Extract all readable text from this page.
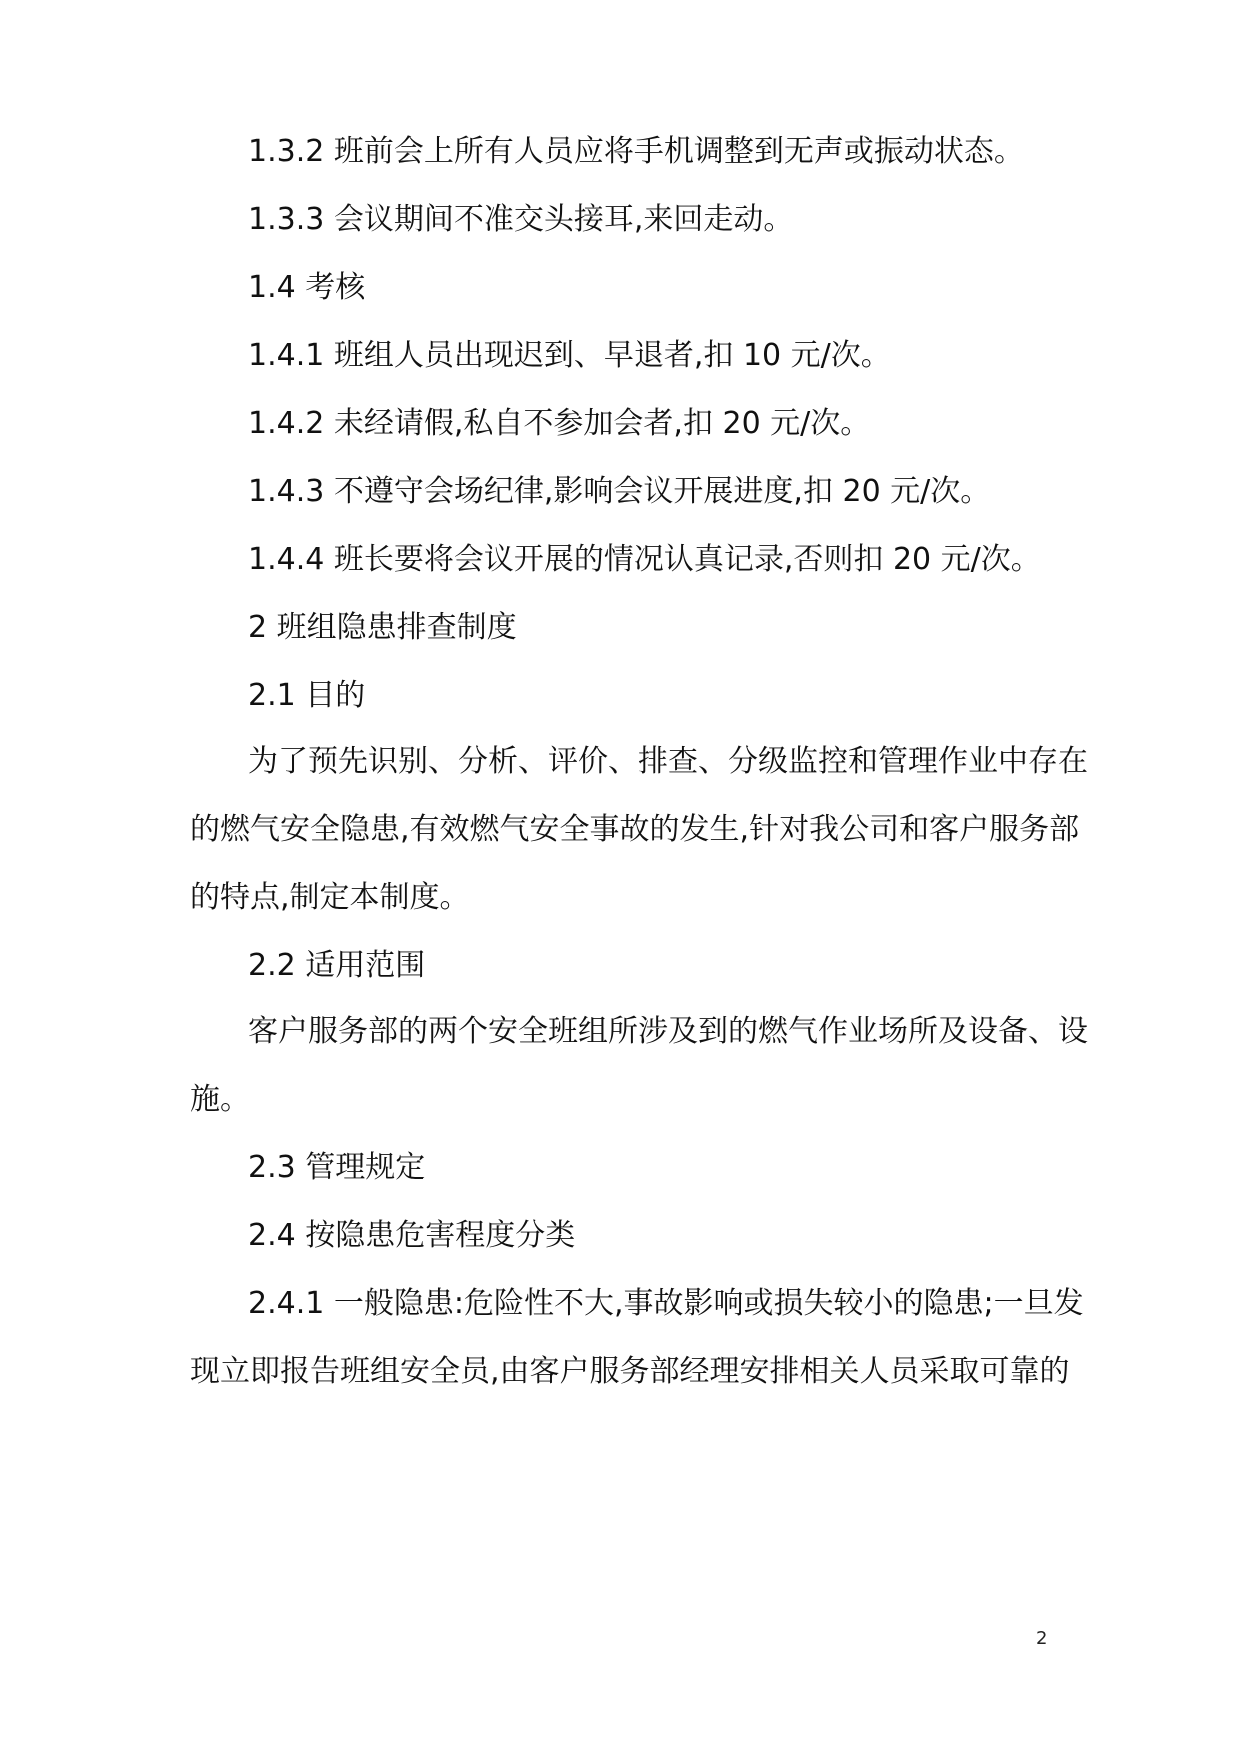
1.3.2 班前会上所有人员应将手机调整到无声或振动状态。

1.3.3 会议期间不准交头接耳,来回走动。

1.4 考核

1.4.1 班组人员出现迟到、早退者,扣 10 元/次。

1.4.2 未经请假,私自不参加会者,扣 20 元/次。

1.4.3 不遵守会场纪律,影响会议开展进度,扣 20 元/次。

1.4.4 班长要将会议开展的情况认真记录,否则扣 20 元/次。

2 班组隐患排查制度

2.1 目的

为了预先识别、分析、评价、排查、分级监控和管理作业中存在

的燃气安全隐患,有效燃气安全事故的发生,针对我公司和客户服务部

的特点,制定本制度。

2.2 适用范围

客户服务部的两个安全班组所涉及到的燃气作业场所及设备、设

施。

2.3 管理规定

2.4 按隐患危害程度分类

2.4.1 一般隐患:危险性不大,事故影响或损失较小的隐患;一旦发

现立即报告班组安全员,由客户服务部经理安排相关人员采取可靠的

2
